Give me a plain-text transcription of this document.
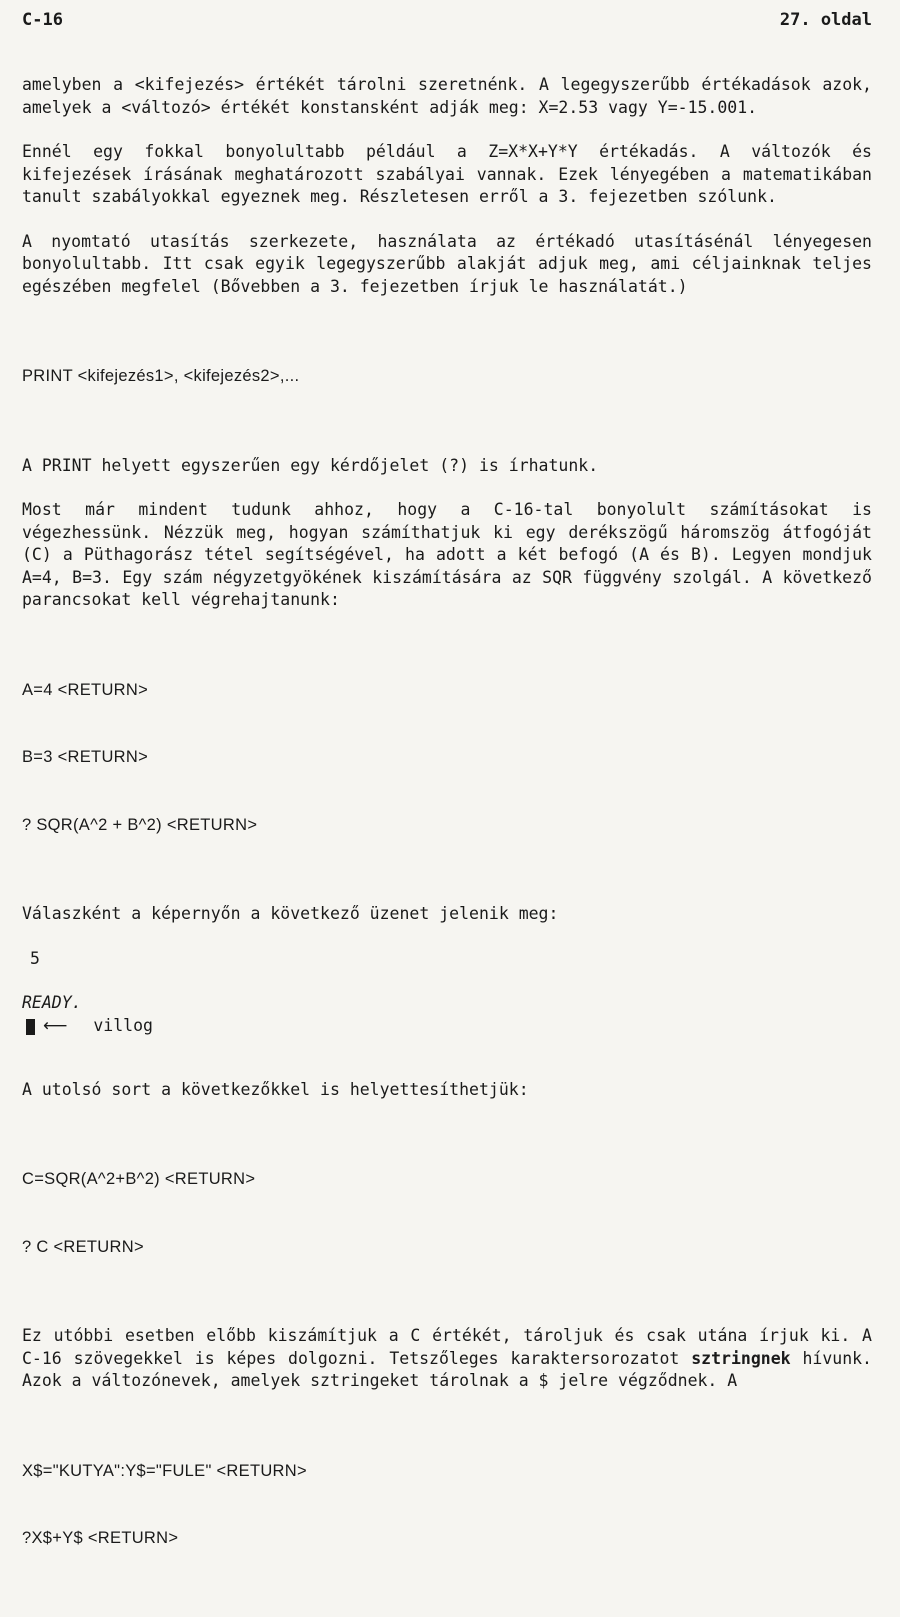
C-16	27. oldal

amelyben a <kifejezés> értékét tárolni szeretnénk. A legegyszerűbb értékadások azok, amelyek a <változó> értékét konstansként adják meg: X=2.53 vagy Y=-15.001.

Ennél egy fokkal bonyolultabb például a Z=X*X+Y*Y értékadás. A változók és kifejezések írásának meghatározott szabályai vannak. Ezek lényegében a matematikában tanult szabályokkal egyeznek meg. Részletesen erről a 3. fejezetben szólunk.

A nyomtató utasítás szerkezete, használata az értékadó utasításénál lényegesen bonyolultabb. Itt csak egyik legegyszerűbb alakját adjuk meg, ami céljainknak teljes egészében megfelel (Bővebben a 3. fejezetben írjuk le használatát.)

PRINT <kifejezés1>, <kifejezés2>,...

A PRINT helyett egyszerűen egy kérdőjelet (?) is írhatunk.

Most már mindent tudunk ahhoz, hogy a C-16-tal bonyolult számításokat is végezhessünk. Nézzük meg, hogyan számíthatjuk ki egy derékszögű háromszög átfogóját (C) a Püthagorász tétel segítségével, ha adott a két befogó (A és B). Legyen mondjuk A=4, B=3. Egy szám négyzetgyökének kiszámítására az SQR függvény szolgál. A következő parancsokat kell végrehajtanunk:

A=4 <RETURN>

B=3 <RETURN>

? SQR(A^2 + B^2) <RETURN>

Válaszként a képernyőn a következő üzenet jelenik meg:

5
READY.
⟵ villog

A utolsó sort a következőkkel is helyettesíthetjük:

C=SQR(A^2+B^2) <RETURN>

? C <RETURN>

Ez utóbbi esetben előbb kiszámítjuk a C értékét, tároljuk és csak utána írjuk ki. A C-16 szövegekkel is képes dolgozni. Tetszőleges karaktersorozatot sztringnek hívunk. Azok a változónevek, amelyek sztringeket tárolnak a $ jelre végződnek. A

X$="KUTYA":Y$="FULE" <RETURN>

?X$+Y$ <RETURN>
